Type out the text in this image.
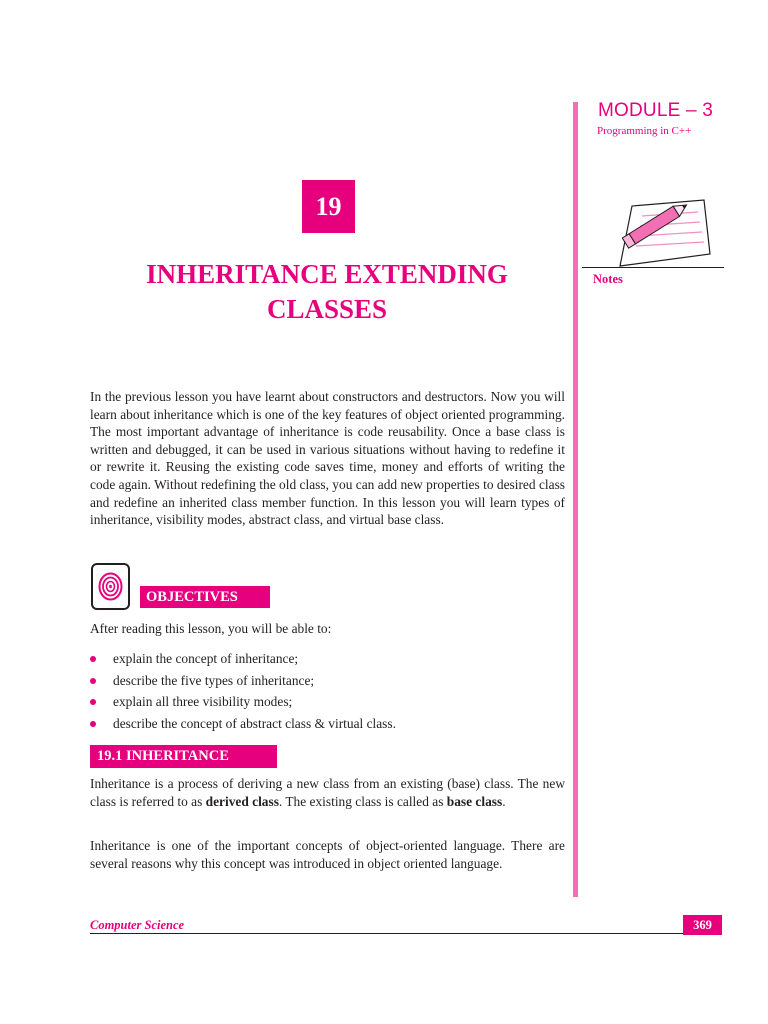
MODULE – 3
Programming in C++
Notes
19
INHERITANCE EXTENDING
CLASSES
In the previous lesson you have learnt about constructors and destructors. Now you will learn about inheritance which is one of the key features of object oriented programming. The most important advantage of inheritance is code reusability. Once a base class is written and debugged, it can be used in various situations without having to redefine it or rewrite it. Reusing the existing code saves time, money and efforts of writing the code again. Without redefining the old class, you can add new properties to desired class and redefine an inherited class member function. In this lesson you will learn types of inheritance, visibility modes, abstract class, and virtual base class.
OBJECTIVES
After reading this lesson, you will be able to:
explain the concept of inheritance;
describe the five types of inheritance;
explain all three visibility modes;
describe the concept of abstract class & virtual class.
19.1 INHERITANCE
Inheritance is a process of deriving a new class from an existing (base) class. The new class is referred to as derived class. The existing class is called as base class.
Inheritance is one of the important concepts of object-oriented language. There are several reasons why this concept was introduced in object oriented language.
Computer Science	369
